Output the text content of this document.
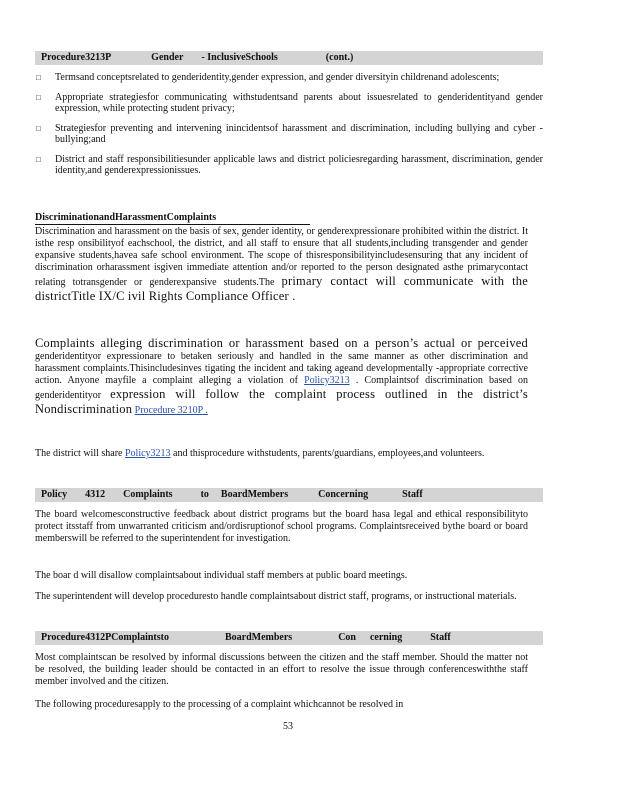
Procedure3213P	Gender - InclusiveSchools	(cont.)
□ Termsand conceptsrelated to genderidentity,gender expression, and gender diversityin childrenand adolescents;
□ Appropriate strategiesfor communicating withstudentsand parents about issuesrelated to genderidentityand gender expression, while protecting student privacy;
□ Strategiesfor preventing and intervening inincidentsof harassment and discrimination, including bullying and cyber -bullying;and
□ District and staff responsibilitiesunder applicable laws and district policiesregarding harassment, discrimination, gender identity,and genderexpressionissues.
DiscriminationandHarassmentComplaints

Discrimination and harassment on the basis of sex, gender identity, or genderexpressionare prohibited within the district. It isthe resp onsibilityof eachschool, the district, and all staff to ensure that all students,including transgender and gender expansive students,havea safe school environment. The scope of thisresponsibilityincludesensuring that any incident of discrimination orharassment isgiven immediate attention and/or reported to the person designated asthe primarycontact relating totransgender or genderexpansive students.The primary contact will communicate with the districtTitle IX/C ivil Rights Compliance Officer .

Complaints alleging discrimination or harassment based on a person’s actual or perceived genderidentityor expressionare to betaken seriously and handled in the same manner as other discrimination and harassment complaints.Thisincludesinves tigating the incident and taking ageand developmentally -appropriate corrective action. Anyone mayfile a complaint alleging a violation of Policy3213 . Complaintsof discrimination based on genderidentityor expression will follow the complaint process outlined in the district’s Nondiscrimination Procedure 3210P .

The district will share Policy3213 and thisprocedure withstudents, parents/guardians, employees,and volunteers.

Policy 4312 Complaints	to BoardMembers	Concerning	Staff

The board welcomesconstructive feedback about district programs but the board hasa legal and ethical responsibilityto protect itsstaff from unwarranted criticism and/ordisruptionof school programs. Complaintsreceived bythe board or board memberswill be referred to the superintendent for investigation.

The boar d will disallow complaintsabout individual staff members at public board meetings.

The superintendent will develop proceduresto handle complaintsabout district staff, programs, or instructional materials.

Procedure4312PComplaintsto	BoardMembers	Con cerning	Staff

Most complaintscan be resolved by informal discussions between the citizen and the staff member. Should the matter not be resolved, the building leader should be contacted in an effort to resolve the issue through conferenceswiththe staff member involved and the citizen.

The following proceduresapply to the processing of a complaint whichcannot be resolved in

53
